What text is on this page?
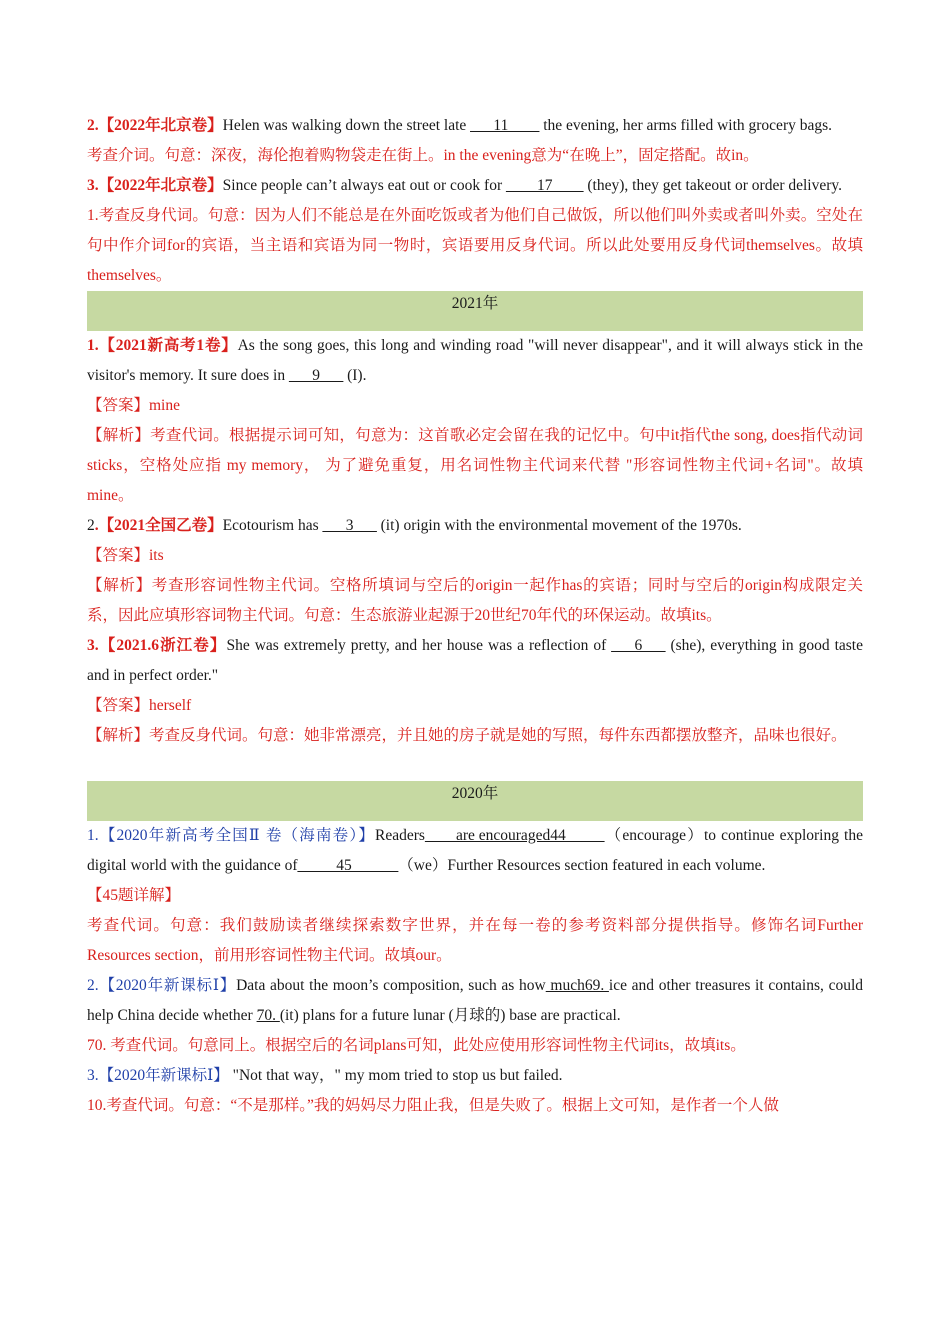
2.【2022年北京卷】Helen was walking down the street late ___11____ the evening, her arms filled with grocery bags.

考查介词。句意：深夜，海伦抱着购物袋走在街上。in the evening意为“在晚上”，固定搭配。故in。

3.【2022年北京卷】Since people can’t always eat out or cook for ____17____ (they), they get takeout or order delivery.

1.考查反身代词。句意：因为人们不能总是在外面吃饭或者为他们自己做饭，所以他们叫外卖或者叫外卖。空处在句中作介词for的宾语，当主语和宾语为同一物时，宾语要用反身代词。所以此处要用反身代词themselves。故填themselves。

2021年

1.【2021新高考1卷】As the song goes, this long and winding road "will never disappear", and it will always stick in the visitor's memory. It sure does in ___9___ (I).

【答案】mine

【解析】考查代词。根据提示词可知，句意为：这首歌必定会留在我的记忆中。句中it指代the song, does指代动词sticks，空格处应指 my memory， 为了避免重复，用名词性物主代词来代替 "形容词性物主代词+名词"。故填mine。

2.【2021全国乙卷】Ecotourism has ___3___ (it) origin with the environmental movement of the 1970s.

【答案】its

【解析】考查形容词性物主代词。空格所填词与空后的origin一起作has的宾语；同时与空后的origin构成限定关系，因此应填形容词物主代词。句意：生态旅游业起源于20世纪70年代的环保运动。故填its。

3.【2021.6浙江卷】She was extremely pretty, and her house was a reflection of ___6___ (she), everything in good taste and in perfect order."

【答案】herself

【解析】考查反身代词。句意：她非常漂亮，并且她的房子就是她的写照，每件东西都摆放整齐，品味也很好。

2020年

1.【2020年新高考全国Ⅱ 卷（海南卷）】Readers____are encouraged44_____（encourage）to continue exploring the digital world with the guidance of_____45______（we）Further Resources section featured in each volume.

【45题详解】

考查代词。句意：我们鼓励读者继续探索数字世界，并在每一卷的参考资料部分提供指导。修饰名词Further Resources section，前用形容词性物主代词。故填our。

2.【2020年新课标Ⅰ】Data about the moon’s composition, such as how much69. ice and other treasures it contains, could help China decide whether 70. (it) plans for a future lunar (月球的) base are practical.

70. 考查代词。句意同上。根据空后的名词plans可知，此处应使用形容词性物主代词its，故填its。

3.【2020年新课标Ⅰ】 "Not that way，" my mom tried to stop us but failed.

10.考查代词。句意：“不是那样。”我的妈妈尽力阻止我，但是失败了。根据上文可知，是作者一个人做
